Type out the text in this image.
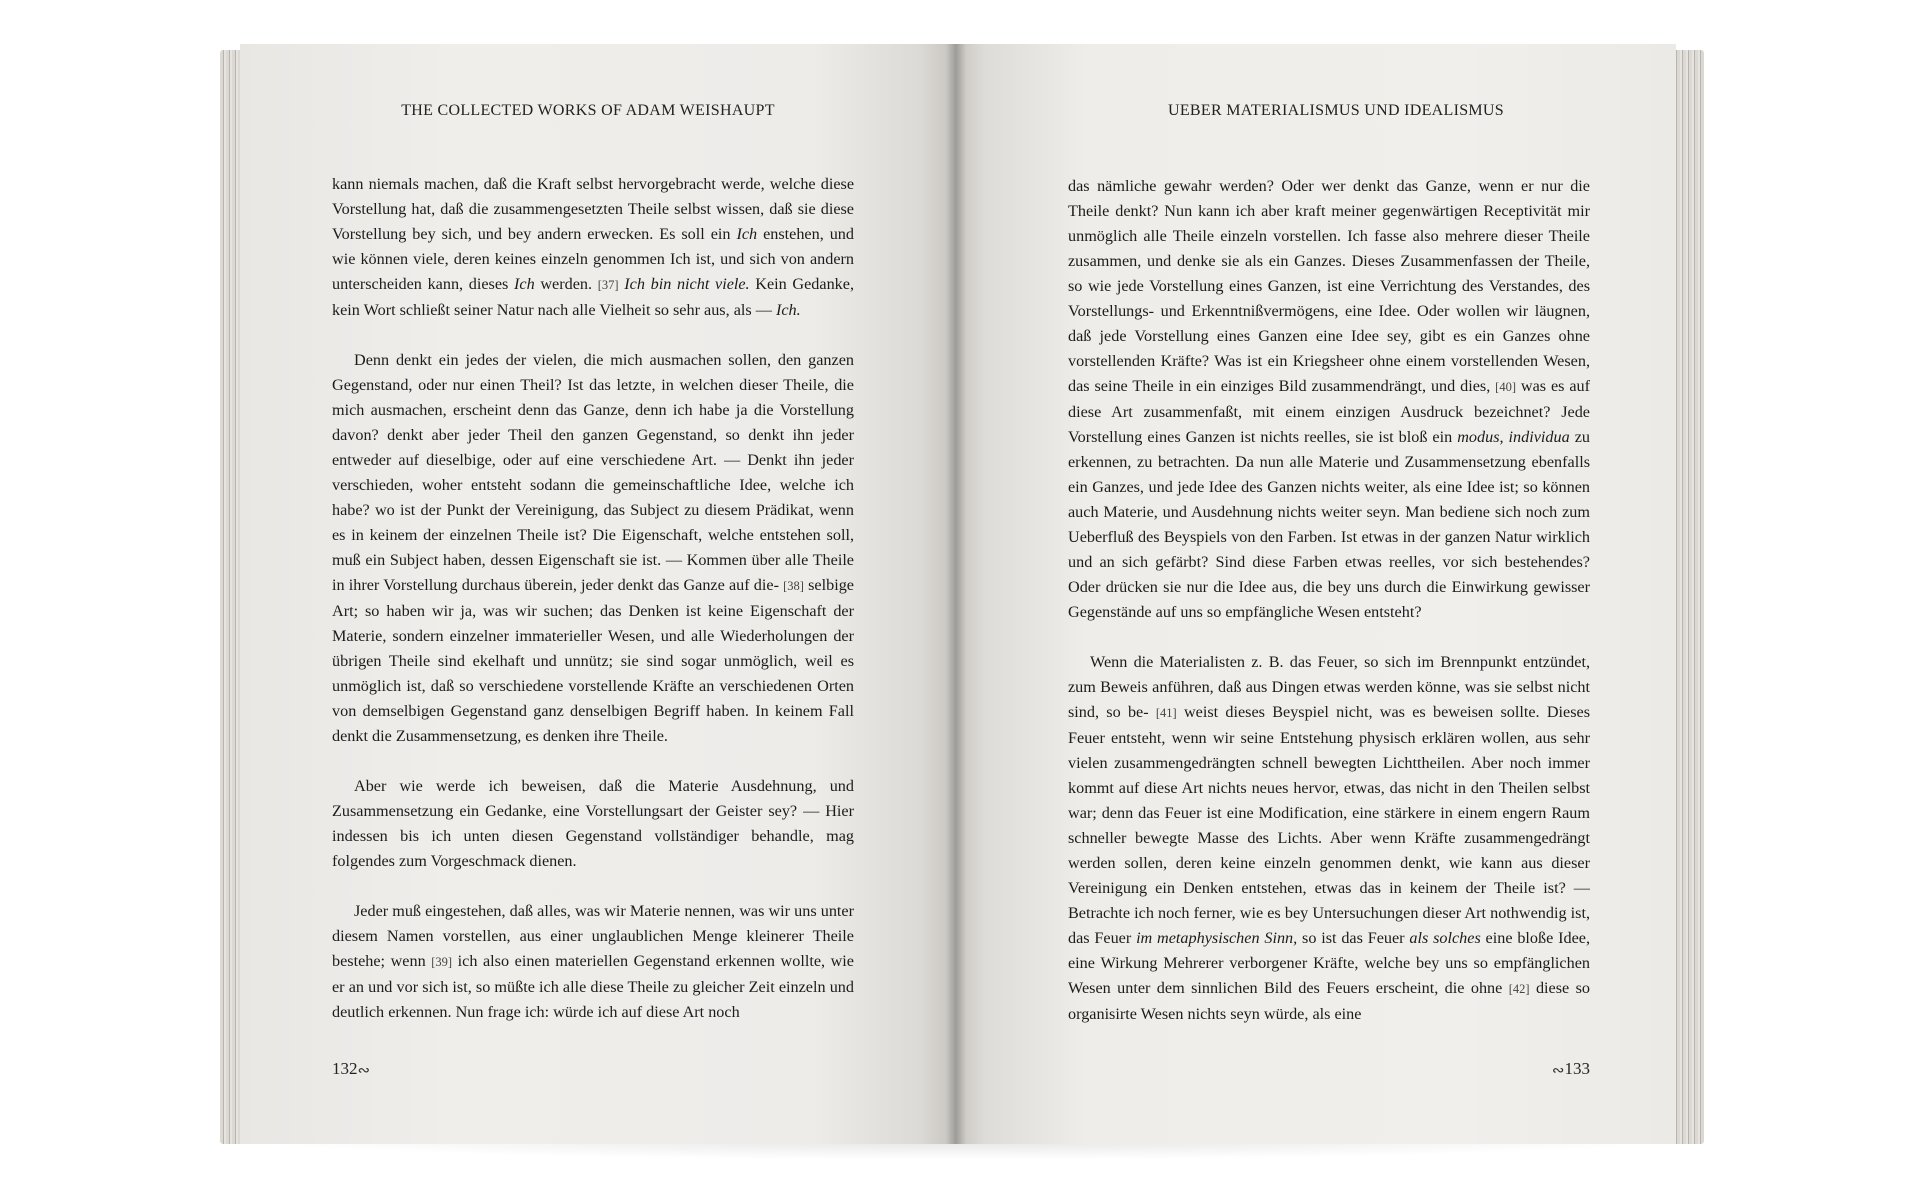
THE COLLECTED WORKS OF ADAM WEISHAUPT

kann niemals machen, daß die Kraft selbst hervorgebracht werde, welche diese Vorstellung hat, daß die zusammengesetzten Theile selbst wissen, daß sie diese Vorstellung bey sich, und bey andern erwecken. Es soll ein Ich enstehen, und wie können viele, deren keines einzeln genommen Ich ist, und sich von andern unterscheiden kann, dieses Ich werden. [37] Ich bin nicht viele. Kein Gedanke, kein Wort schließt seiner Natur nach alle Vielheit so sehr aus, als — Ich.

Denn denkt ein jedes der vielen, die mich ausmachen sollen, den ganzen Gegenstand, oder nur einen Theil? Ist das letzte, in welchen dieser Theile, die mich ausmachen, erscheint denn das Ganze, denn ich habe ja die Vorstellung davon? denkt aber jeder Theil den ganzen Gegenstand, so denkt ihn jeder entweder auf dieselbige, oder auf eine verschiedene Art. — Denkt ihn jeder verschieden, woher entsteht sodann die gemeinschaftliche Idee, welche ich habe? wo ist der Punkt der Vereinigung, das Subject zu diesem Prädikat, wenn es in keinem der einzelnen Theile ist? Die Eigenschaft, welche entstehen soll, muß ein Subject haben, dessen Eigenschaft sie ist. — Kommen über alle Theile in ihrer Vorstellung durchaus überein, jeder denkt das Ganze auf die- [38] selbige Art; so haben wir ja, was wir suchen; das Denken ist keine Eigenschaft der Materie, sondern einzelner immaterieller Wesen, und alle Wiederholungen der übrigen Theile sind ekelhaft und unnütz; sie sind sogar unmöglich, weil es unmöglich ist, daß so verschiedene vorstellende Kräfte an verschiedenen Orten von demselbigen Gegenstand ganz denselbigen Begriff haben. In keinem Fall denkt die Zusammensetzung, es denken ihre Theile.

Aber wie werde ich beweisen, daß die Materie Ausdehnung, und Zusammensetzung ein Gedanke, eine Vorstellungsart der Geister sey? — Hier indessen bis ich unten diesen Gegenstand vollständiger behandle, mag folgendes zum Vorgeschmack dienen.

Jeder muß eingestehen, daß alles, was wir Materie nennen, was wir uns unter diesem Namen vorstellen, aus einer unglaublichen Menge kleinerer Theile bestehe; wenn [39] ich also einen materiellen Gegenstand erkennen wollte, wie er an und vor sich ist, so müßte ich alle diese Theile zu gleicher Zeit einzeln und deutlich erkennen. Nun frage ich: würde ich auf diese Art noch

132∾
UEBER MATERIALISMUS UND IDEALISMUS

das nämliche gewahr werden? Oder wer denkt das Ganze, wenn er nur die Theile denkt? Nun kann ich aber kraft meiner gegenwärtigen Receptivität mir unmöglich alle Theile einzeln vorstellen. Ich fasse also mehrere dieser Theile zusammen, und denke sie als ein Ganzes. Dieses Zusammenfassen der Theile, so wie jede Vorstellung eines Ganzen, ist eine Verrichtung des Verstandes, des Vorstellungs- und Erkenntnißvermögens, eine Idee. Oder wollen wir läugnen, daß jede Vorstellung eines Ganzen eine Idee sey, gibt es ein Ganzes ohne vorstellenden Kräfte? Was ist ein Kriegsheer ohne einem vorstellenden Wesen, das seine Theile in ein einziges Bild zusammendrängt, und dies, [40] was es auf diese Art zusammenfaßt, mit einem einzigen Ausdruck bezeichnet? Jede Vorstellung eines Ganzen ist nichts reelles, sie ist bloß ein modus, individua zu erkennen, zu betrachten. Da nun alle Materie und Zusammensetzung ebenfalls ein Ganzes, und jede Idee des Ganzen nichts weiter, als eine Idee ist; so können auch Materie, und Ausdehnung nichts weiter seyn. Man bediene sich noch zum Ueberfluß des Beyspiels von den Farben. Ist etwas in der ganzen Natur wirklich und an sich gefärbt? Sind diese Farben etwas reelles, vor sich bestehendes? Oder drücken sie nur die Idee aus, die bey uns durch die Einwirkung gewisser Gegenstände auf uns so empfängliche Wesen entsteht?

Wenn die Materialisten z. B. das Feuer, so sich im Brennpunkt entzündet, zum Beweis anführen, daß aus Dingen etwas werden könne, was sie selbst nicht sind, so be- [41] weist dieses Beyspiel nicht, was es beweisen sollte. Dieses Feuer entsteht, wenn wir seine Entstehung physisch erklären wollen, aus sehr vielen zusammengedrängten schnell bewegten Lichttheilen. Aber noch immer kommt auf diese Art nichts neues hervor, etwas, das nicht in den Theilen selbst war; denn das Feuer ist eine Modification, eine stärkere in einem engern Raum schneller bewegte Masse des Lichts. Aber wenn Kräfte zusammengedrängt werden sollen, deren keine einzeln genommen denkt, wie kann aus dieser Vereinigung ein Denken entstehen, etwas das in keinem der Theile ist? — Betrachte ich noch ferner, wie es bey Untersuchungen dieser Art nothwendig ist, das Feuer im metaphysischen Sinn, so ist das Feuer als solches eine bloße Idee, eine Wirkung Mehrerer verborgener Kräfte, welche bey uns so empfänglichen Wesen unter dem sinnlichen Bild des Feuers erscheint, die ohne [42] diese so organisirte Wesen nichts seyn würde, als eine

∾133
